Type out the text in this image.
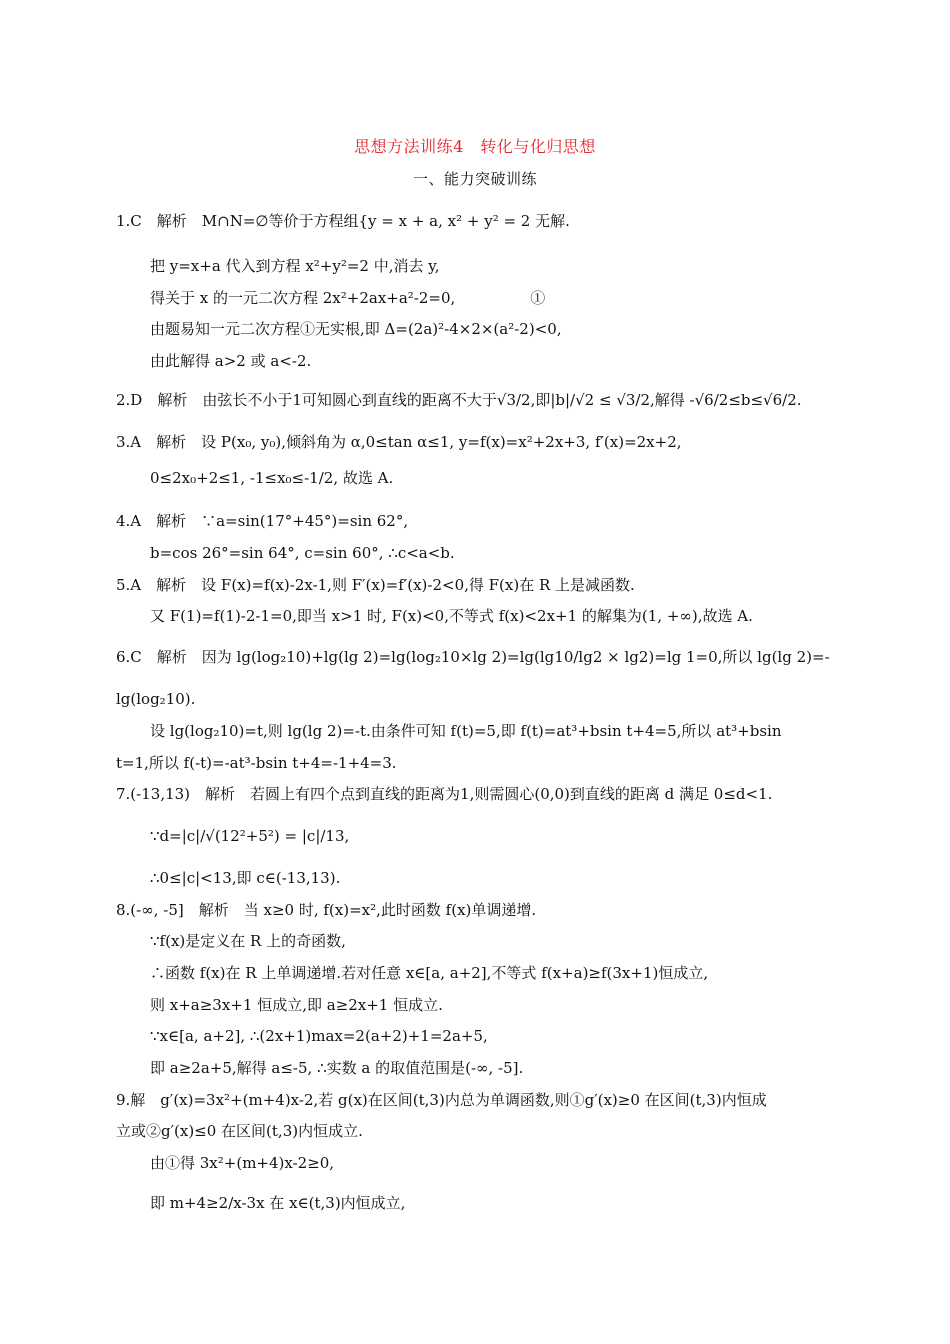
思想方法训练4　转化与化归思想
一、能力突破训练
1.C　解析　M∩N=∅等价于方程组{y = x + a, x² + y² = 2 无解.
把 y=x+a 代入到方程 x²+y²=2 中,消去 y,
得关于 x 的一元二次方程 2x²+2ax+a²-2=0,　　　　　①
由题易知一元二次方程①无实根,即 Δ=(2a)²-4×2×(a²-2)<0,
由此解得 a>2 或 a<-2.
2.D　解析　由弦长不小于1可知圆心到直线的距离不大于√3/2,即|b|/√2 ≤ √3/2,解得 -√6/2≤b≤√6/2.
3.A　解析　设 P(x₀, y₀),倾斜角为 α,0≤tan α≤1, y=f(x)=x²+2x+3, f′(x)=2x+2,
0≤2x₀+2≤1, -1≤x₀≤-1/2, 故选 A.
4.A　解析　∵a=sin(17°+45°)=sin 62°,
b=cos 26°=sin 64°, c=sin 60°, ∴c<a<b.
5.A　解析　设 F(x)=f(x)-2x-1,则 F′(x)=f′(x)-2<0,得 F(x)在 R 上是减函数.
又 F(1)=f(1)-2-1=0,即当 x>1 时, F(x)<0,不等式 f(x)<2x+1 的解集为(1, +∞),故选 A.
6.C　解析　因为 lg(log₂10)+lg(lg 2)=lg(log₂10×lg 2)=lg(lg10/lg2 × lg2)=lg 1=0,所以 lg(lg 2)=-
lg(log₂10).
设 lg(log₂10)=t,则 lg(lg 2)=-t.由条件可知 f(t)=5,即 f(t)=at³+bsin t+4=5,所以 at³+bsin
t=1,所以 f(-t)=-at³-bsin t+4=-1+4=3.
7.(-13,13)　解析　若圆上有四个点到直线的距离为1,则需圆心(0,0)到直线的距离 d 满足 0≤d<1.
∵d=|c|/√(12²+5²) = |c|/13,
∴0≤|c|<13,即 c∈(-13,13).
8.(-∞, -5]　解析　当 x≥0 时, f(x)=x²,此时函数 f(x)单调递增.
∵f(x)是定义在 R 上的奇函数,
∴函数 f(x)在 R 上单调递增.若对任意 x∈[a, a+2],不等式 f(x+a)≥f(3x+1)恒成立,
则 x+a≥3x+1 恒成立,即 a≥2x+1 恒成立.
∵x∈[a, a+2], ∴(2x+1)max=2(a+2)+1=2a+5,
即 a≥2a+5,解得 a≤-5, ∴实数 a 的取值范围是(-∞, -5].
9.解　g′(x)=3x²+(m+4)x-2,若 g(x)在区间(t,3)内总为单调函数,则①g′(x)≥0 在区间(t,3)内恒成
立或②g′(x)≤0 在区间(t,3)内恒成立.
由①得 3x²+(m+4)x-2≥0,
即 m+4≥2/x-3x 在 x∈(t,3)内恒成立,
